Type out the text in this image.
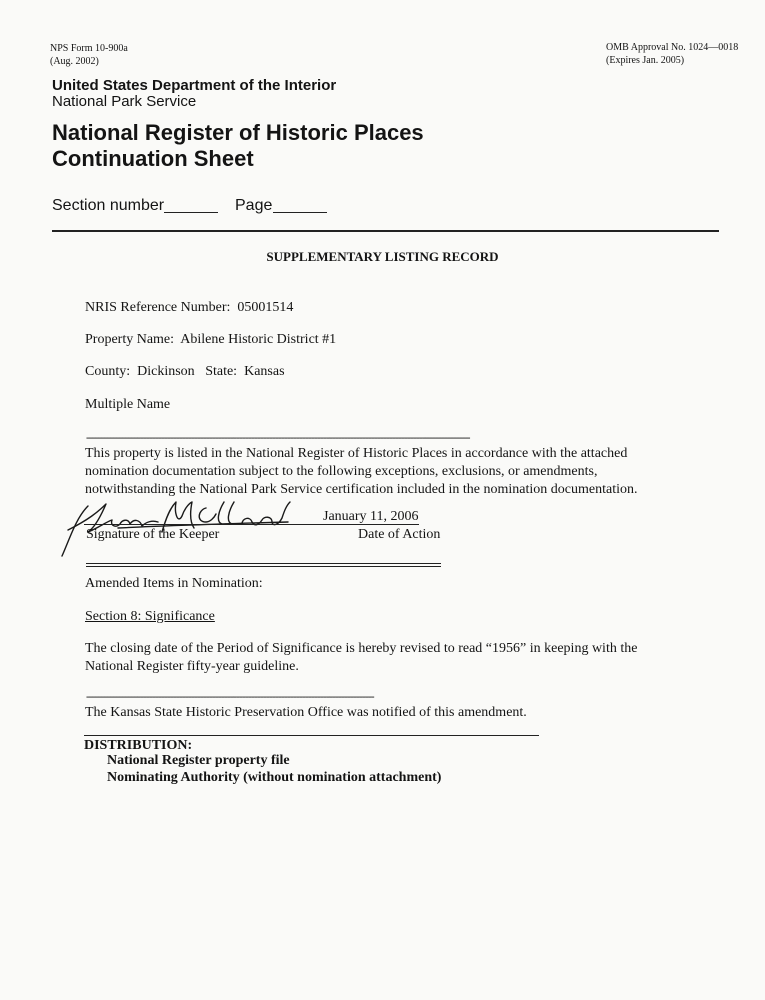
NPS Form 10-900a
(Aug. 2002)
OMB Approval No. 1024—0018
(Expires Jan. 2005)
United States Department of the Interior
National Park Service
National Register of Historic Places
Continuation Sheet
Section number	Page
SUPPLEMENTARY LISTING RECORD
NRIS Reference Number: 05001514
Property Name: Abilene Historic District #1
County: Dickinson State: Kansas
Multiple Name
--------------------------------------------------------------------------------------------------------------------------------
This property is listed in the National Register of Historic Places in accordance with the attached nomination documentation subject to the following exceptions, exclusions, or amendments, notwithstanding the National Park Service certification included in the nomination documentation.
Signature of the Keeper
January 11, 2006
Date of Action
Amended Items in Nomination:
Section 8: Significance
The closing date of the Period of Significance is hereby revised to read “1956” in keeping with the National Register fifty-year guideline.
------------------------------------------------------------------------------------------------
The Kansas State Historic Preservation Office was notified of this amendment.
DISTRIBUTION:
National Register property file
Nominating Authority (without nomination attachment)
